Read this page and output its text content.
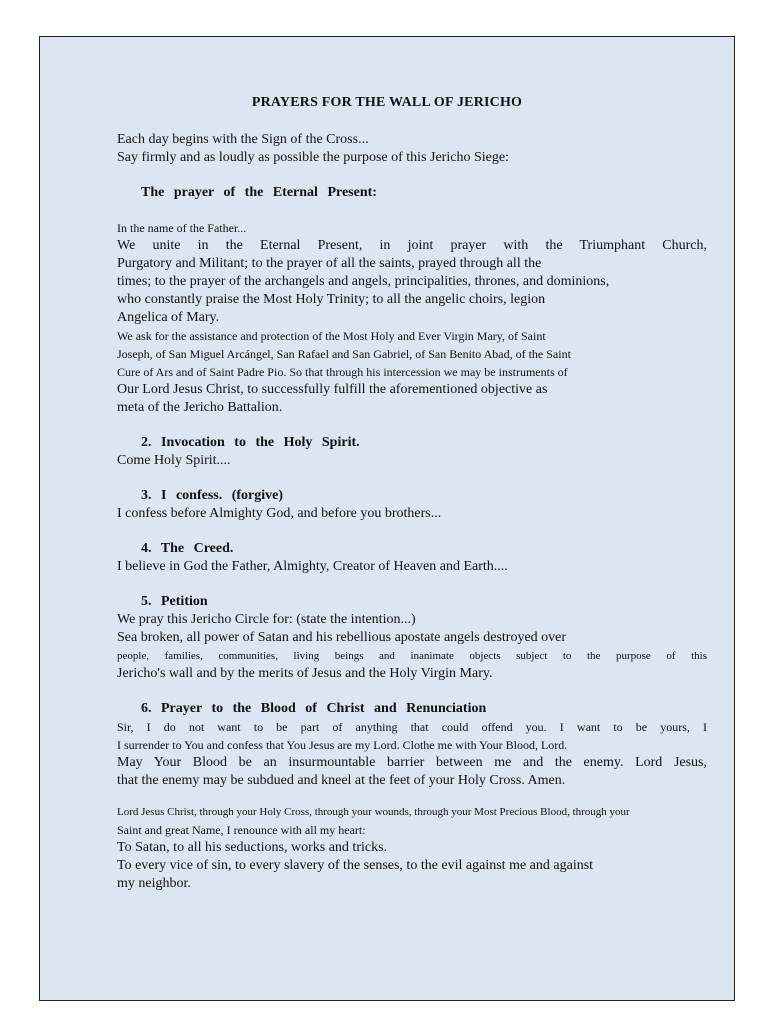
PRAYERS FOR THE WALL OF JERICHO
Each day begins with the Sign of the Cross...
Say firmly and as loudly as possible the purpose of this Jericho Siege:
The prayer of the Eternal Present:
In the name of the Father...
We unite in the Eternal Present, in joint prayer with the Triumphant Church,
Purgatory and Militant; to the prayer of all the saints, prayed through all the
times; to the prayer of the archangels and angels, principalities, thrones, and dominions,
who constantly praise the Most Holy Trinity; to all the angelic choirs, legion
Angelica of Mary.
We ask for the assistance and protection of the Most Holy and Ever Virgin Mary, of Saint
Joseph, of San Miguel Arcángel, San Rafael and San Gabriel, of San Benito Abad, of the Saint
Cure of Ars and of Saint Padre Pio. So that through his intercession we may be instruments of
Our Lord Jesus Christ, to successfully fulfill the aforementioned objective as
meta of the Jericho Battalion.
2. Invocation to the Holy Spirit.
Come Holy Spirit....
3. I confess. (forgive)
I confess before Almighty God, and before you brothers...
4. The Creed.
I believe in God the Father, Almighty, Creator of Heaven and Earth....
5. Petition
We pray this Jericho Circle for: (state the intention...)
Sea broken, all power of Satan and his rebellious apostate angels destroyed over
people, families, communities, living beings and inanimate objects subject to the purpose of this
Jericho's wall and by the merits of Jesus and the Holy Virgin Mary.
6. Prayer to the Blood of Christ and Renunciation
Sir, I do not want to be part of anything that could offend you. I want to be yours, I
I surrender to You and confess that You Jesus are my Lord. Clothe me with Your Blood, Lord.
May Your Blood be an insurmountable barrier between me and the enemy. Lord Jesus,
that the enemy may be subdued and kneel at the feet of your Holy Cross. Amen.
Lord Jesus Christ, through your Holy Cross, through your wounds, through your Most Precious Blood, through your
Saint and great Name, I renounce with all my heart:
To Satan, to all his seductions, works and tricks.
To every vice of sin, to every slavery of the senses, to the evil against me and against
my neighbor.
